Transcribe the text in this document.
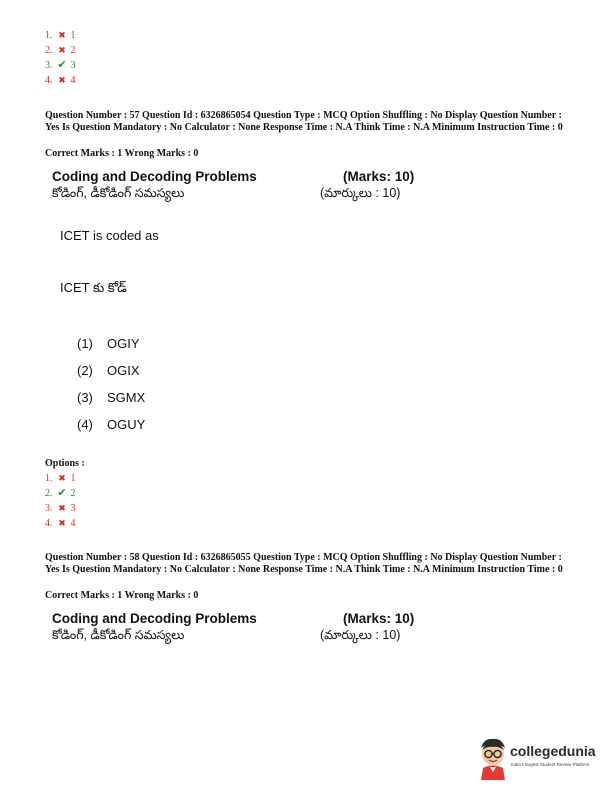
1. ✖ 1
2. ✖ 2
3. ✔ 3
4. ✖ 4
Question Number : 57 Question Id : 6326865054 Question Type : MCQ Option Shuffling : No Display Question Number : Yes Is Question Mandatory : No Calculator : None Response Time : N.A Think Time : N.A Minimum Instruction Time : 0
Correct Marks : 1 Wrong Marks : 0
Coding and Decoding Problems	(Marks: 10)
కోడింగ్, డీకోడింగ్ సమస్యలు	(మార్కులు : 10)
ICET is coded as
ICET కు కోడ్
(1) OGIY
(2) OGIX
(3) SGMX
(4) OGUY
Options :
1. ✖ 1
2. ✔ 2
3. ✖ 3
4. ✖ 4
Question Number : 58 Question Id : 6326865055 Question Type : MCQ Option Shuffling : No Display Question Number : Yes Is Question Mandatory : No Calculator : None Response Time : N.A Think Time : N.A Minimum Instruction Time : 0
Correct Marks : 1 Wrong Marks : 0
Coding and Decoding Problems	(Marks: 10)
కోడింగ్, డీకోడింగ్ సమస్యలు	(మార్కులు : 10)
collegedunia
India's largest Student Review Platform
